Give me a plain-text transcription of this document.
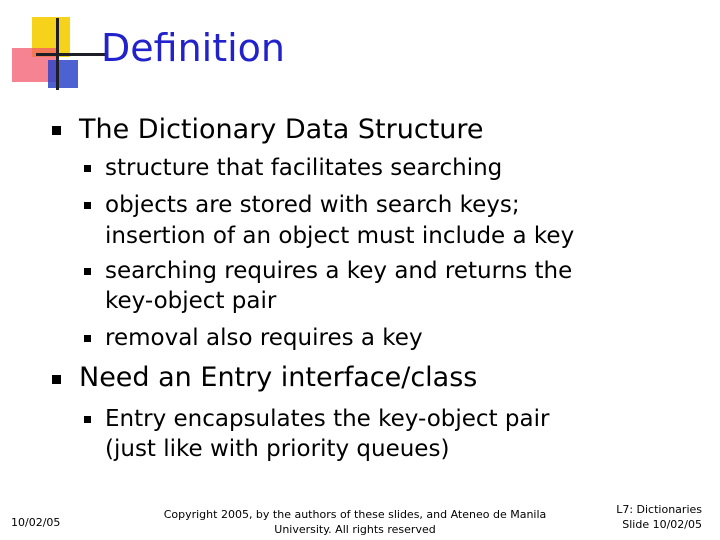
Definition
The Dictionary Data Structure
structure that facilitates searching
objects are stored with search keys;
insertion of an object must include a key
searching requires a key and returns the
key-object pair
removal also requires a key
Need an Entry interface/class
Entry encapsulates the key-object pair
(just like with priority queues)
10/02/05
Copyright 2005, by the authors of these slides, and Ateneo de Manila
University. All rights reserved
L7: Dictionaries
Slide 10/02/05
